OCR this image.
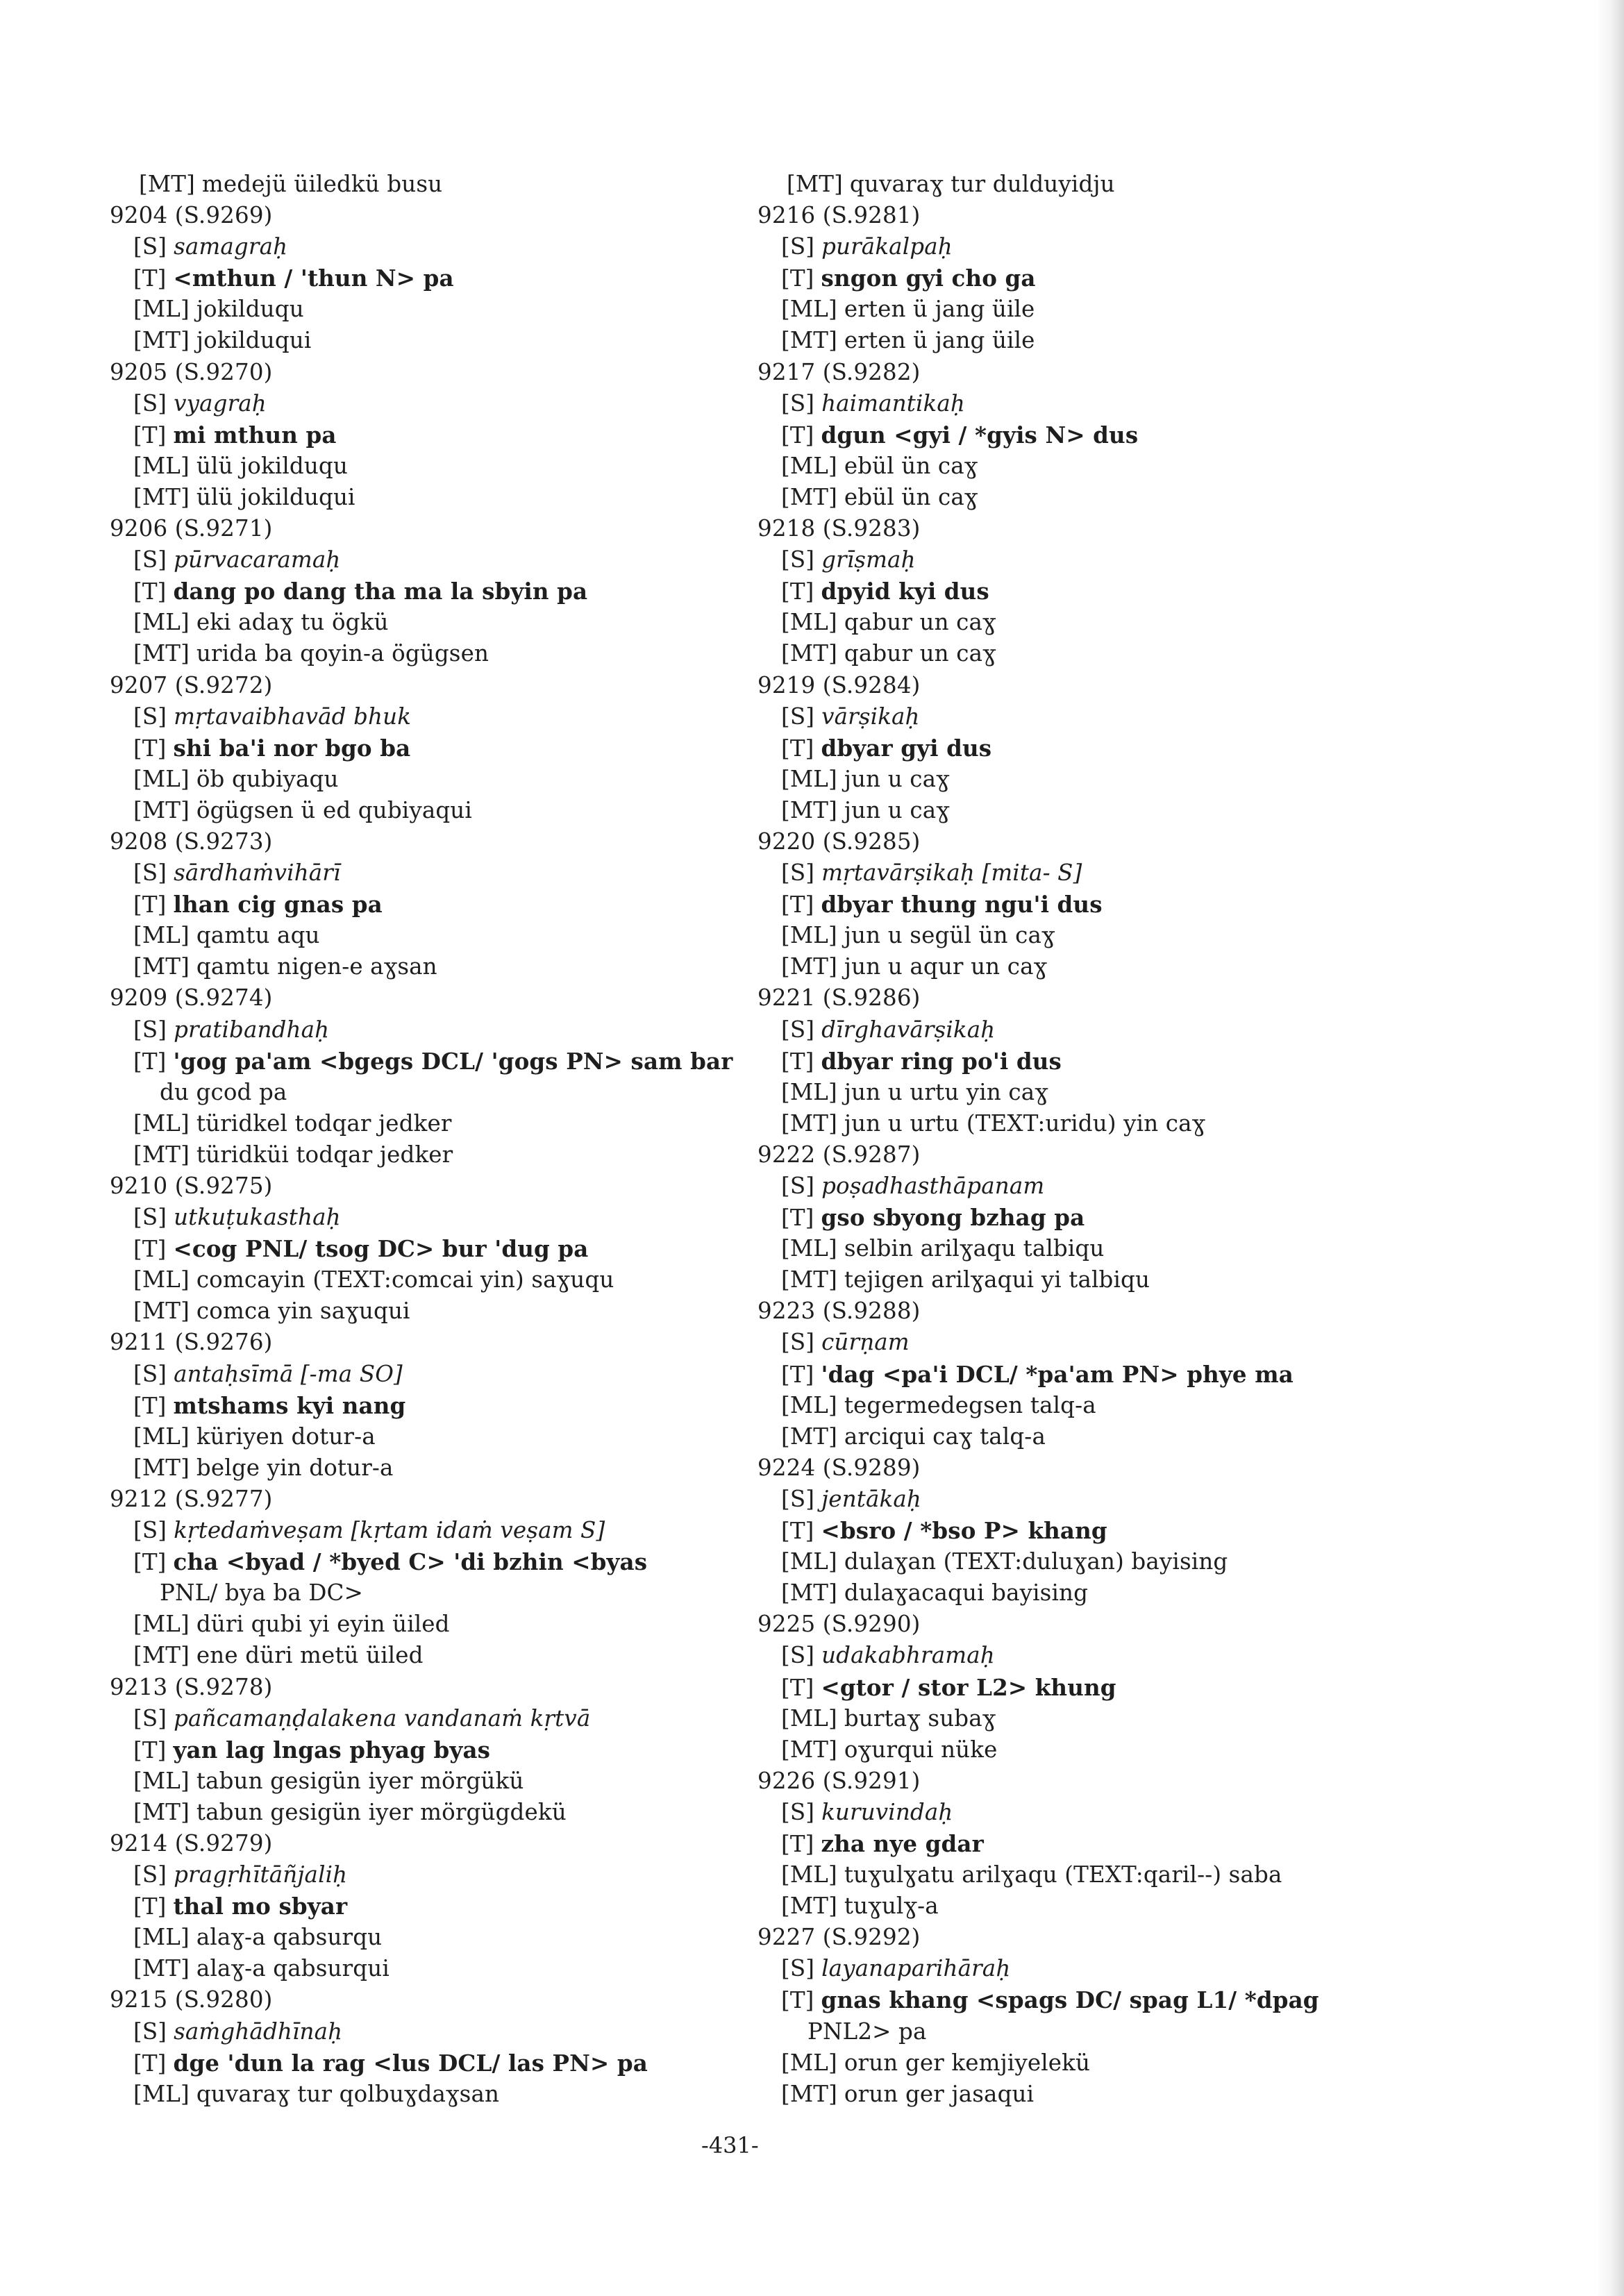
[MT] medejü üiledkü busu
9204 (S.9269)
[S] samagraḥ
[T] <mthun / 'thun N> pa
[ML] jokilduqu
[MT] jokilduqui
9205 (S.9270)
[S] vyagraḥ
[T] mi mthun pa
[ML] ülü jokilduqu
[MT] ülü jokilduqui
9206 (S.9271)
[S] pūrvacaramaḥ
[T] dang po dang tha ma la sbyin pa
[ML] eki adaɣ tu ögkü
[MT] urida ba qoyin-a ögügsen
9207 (S.9272)
[S] mṛtavaibhavād bhuk
[T] shi ba'i nor bgo ba
[ML] öb qubiyaqu
[MT] ögügsen ü ed qubiyaqui
9208 (S.9273)
[S] sārdhaṁvihārī
[T] lhan cig gnas pa
[ML] qamtu aqu
[MT] qamtu nigen-e aɣsan
9209 (S.9274)
[S] pratibandhaḥ
[T] 'gog pa'am <bgegs DCL/ 'gogs PN> sam bar
du gcod pa
[ML] türidkel todqar jedker
[MT] türidküi todqar jedker
9210 (S.9275)
[S] utkuṭukasthaḥ
[T] <cog PNL/ tsog DC> bur 'dug pa
[ML] comcayin (TEXT:comcai yin) saɣuqu
[MT] comca yin saɣuqui
9211 (S.9276)
[S] antaḥsīmā [-ma SO]
[T] mtshams kyi nang
[ML] küriyen dotur-a
[MT] belge yin dotur-a
9212 (S.9277)
[S] kṛtedaṁveṣam [kṛtam idaṁ veṣam S]
[T] cha <byad / *byed C> 'di bzhin <byas
PNL/ bya ba DC>
[ML] düri qubi yi eyin üiled
[MT] ene düri metü üiled
9213 (S.9278)
[S] pañcamaṇḍalakena vandanaṁ kṛtvā
[T] yan lag lngas phyag byas
[ML] tabun gesigün iyer mörgükü
[MT] tabun gesigün iyer mörgügdekü
9214 (S.9279)
[S] pragṛhītāñjaliḥ
[T] thal mo sbyar
[ML] alaɣ-a qabsurqu
[MT] alaɣ-a qabsurqui
9215 (S.9280)
[S] saṁghādhīnaḥ
[T] dge 'dun la rag <lus DCL/ las PN> pa
[ML] quvaraɣ tur qolbuɣdaɣsan
[MT] quvaraɣ tur dulduyidju
9216 (S.9281)
[S] purākalpaḥ
[T] sngon gyi cho ga
[ML] erten ü jang üile
[MT] erten ü jang üile
9217 (S.9282)
[S] haimantikaḥ
[T] dgun <gyi / *gyis N> dus
[ML] ebül ün caɣ
[MT] ebül ün caɣ
9218 (S.9283)
[S] grīṣmaḥ
[T] dpyid kyi dus
[ML] qabur un caɣ
[MT] qabur un caɣ
9219 (S.9284)
[S] vārṣikaḥ
[T] dbyar gyi dus
[ML] jun u caɣ
[MT] jun u caɣ
9220 (S.9285)
[S] mṛtavārṣikaḥ [mita- S]
[T] dbyar thung ngu'i dus
[ML] jun u segül ün caɣ
[MT] jun u aqur un caɣ
9221 (S.9286)
[S] dīrghavārṣikaḥ
[T] dbyar ring po'i dus
[ML] jun u urtu yin caɣ
[MT] jun u urtu (TEXT:uridu) yin caɣ
9222 (S.9287)
[S] poṣadhasthāpanam
[T] gso sbyong bzhag pa
[ML] selbin arilɣaqu talbiqu
[MT] tejigen arilɣaqui yi talbiqu
9223 (S.9288)
[S] cūrṇam
[T] 'dag <pa'i DCL/ *pa'am PN> phye ma
[ML] tegermedegsen talq-a
[MT] arciqui caɣ talq-a
9224 (S.9289)
[S] jentākaḥ
[T] <bsro / *bso P> khang
[ML] dulaɣan (TEXT:duluɣan) bayising
[MT] dulaɣacaqui bayising
9225 (S.9290)
[S] udakabhramaḥ
[T] <gtor / stor L2> khung
[ML] burtaɣ subaɣ
[MT] oɣurqui nüke
9226 (S.9291)
[S] kuruvindaḥ
[T] zha nye gdar
[ML] tuɣulɣatu arilɣaqu (TEXT:qaril--) saba
[MT] tuɣulɣ-a
9227 (S.9292)
[S] layanaparihāraḥ
[T] gnas khang <spags DC/ spag L1/ *dpag
PNL2> pa
[ML] orun ger kemjiyelekü
[MT] orun ger jasaqui
-431-
